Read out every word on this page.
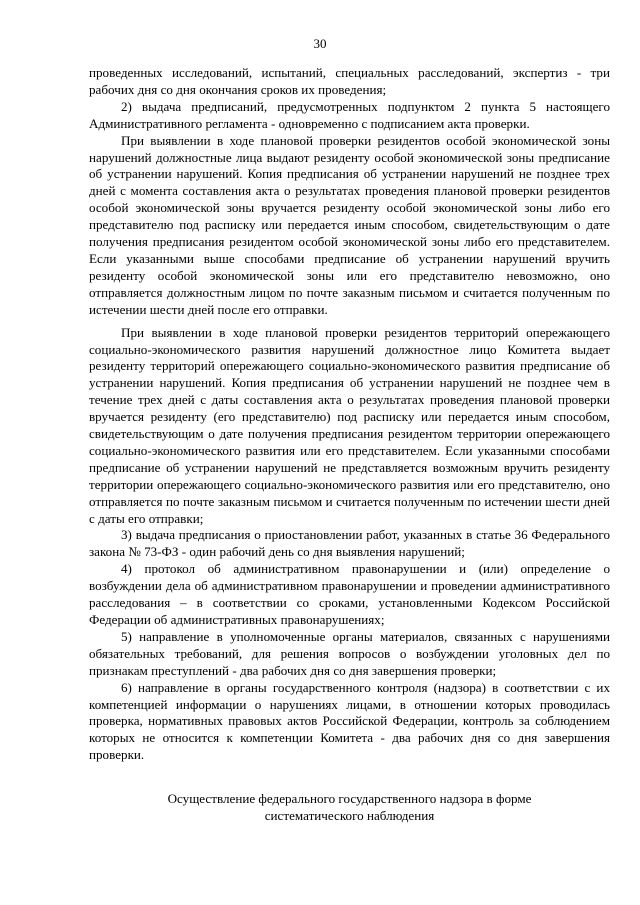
30

проведенных исследований, испытаний, специальных расследований, экспертиз - три рабочих дня со дня окончания сроков их проведения;

2) выдача предписаний, предусмотренных подпунктом 2 пункта 5 настоящего Административного регламента - одновременно с подписанием акта проверки.

При выявлении в ходе плановой проверки резидентов особой экономической зоны нарушений должностные лица выдают резиденту особой экономической зоны предписание об устранении нарушений. Копия предписания об устранении нарушений не позднее трех дней с момента составления акта о результатах проведения плановой проверки резидентов особой экономической зоны вручается резиденту особой экономической зоны либо его представителю под расписку или передается иным способом, свидетельствующим о дате получения предписания резидентом особой экономической зоны либо его представителем. Если указанными выше способами предписание об устранении нарушений вручить резиденту особой экономической зоны или его представителю невозможно, оно отправляется должностным лицом по почте заказным письмом и считается полученным по истечении шести дней после его отправки.

При выявлении в ходе плановой проверки резидентов территорий опережающего социально-экономического развития нарушений должностное лицо Комитета выдает резиденту территорий опережающего социально-экономического развития предписание об устранении нарушений. Копия предписания об устранении нарушений не позднее чем в течение трех дней с даты составления акта о результатах проведения плановой проверки вручается резиденту (его представителю) под расписку или передается иным способом, свидетельствующим о дате получения предписания резидентом территории опережающего социально-экономического развития или его представителем. Если указанными способами предписание об устранении нарушений не представляется возможным вручить резиденту территории опережающего социально-экономического развития или его представителю, оно отправляется по почте заказным письмом и считается полученным по истечении шести дней с даты его отправки;

3) выдача предписания о приостановлении работ, указанных в статье 36 Федерального закона № 73-ФЗ - один рабочий день со дня выявления нарушений;

4) протокол об административном правонарушении и (или) определение о возбуждении дела об административном правонарушении и проведении административного расследования – в соответствии со сроками, установленными Кодексом Российской Федерации об административных правонарушениях;

5) направление в уполномоченные органы материалов, связанных с нарушениями обязательных требований, для решения вопросов о возбуждении уголовных дел по признакам преступлений - два рабочих дня со дня завершения проверки;

6) направление в органы государственного контроля (надзора) в соответствии с их компетенцией информации о нарушениях лицами, в отношении которых проводилась проверка, нормативных правовых актов Российской Федерации, контроль за соблюдением которых не относится к компетенции Комитета - два рабочих дня со дня завершения проверки.

Осуществление федерального государственного надзора в форме
систематического наблюдения
